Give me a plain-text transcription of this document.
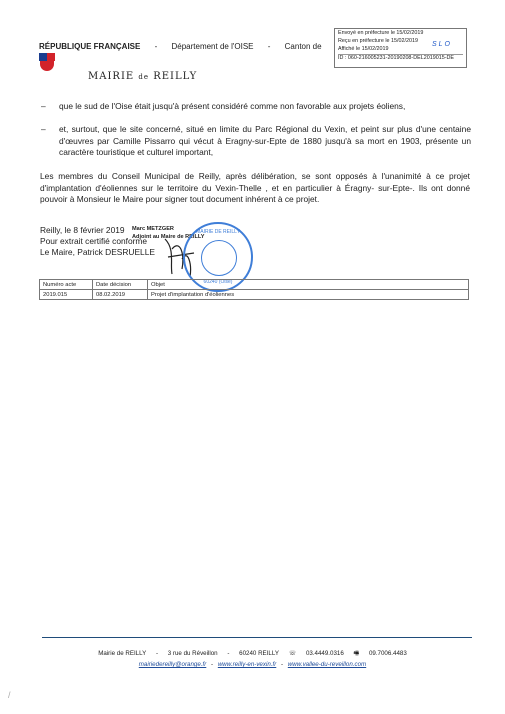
RÉPUBLIQUE FRANÇAISE - Département de l'OISE - Canton de
MAIRIE de REILLY
Envoyé en préfecture le 15/02/2019
Reçu en préfecture le 15/02/2019
Affiché le 15/02/2019
SLO
ID : 060-216005231-20190208-DEL2019015-DE
– que le sud de l'Oise était jusqu'à présent considéré comme non favorable aux projets éoliens,
– et, surtout, que le site concerné, situé en limite du Parc Régional du Vexin, et peint sur plus d'une centaine d'œuvres par Camille Pissarro qui vécut à Eragny-sur-Epte de 1880 jusqu'à sa mort en 1903, présente un caractère touristique et culturel important,
Les membres du Conseil Municipal de Reilly, après délibération, se sont opposés à l'unanimité à ce projet d'implantation d'éoliennes sur le territoire du Vexin-Thelle , et en particulier à Éragny- sur-Epte-. Ils ont donné pouvoir à Monsieur le Maire pour signer tout document inhérent à ce projet.
Reilly, le 8 février 2019
Pour extrait certifié conforme
Le Maire, Patrick DESRUELLE
Marc METZGER
Adjoint au Maire de REILLY
MAIRIE DE REILLY
60240 (Oise)
Numéro acte	Date décision	Objet
2019.015	08.02.2019	Projet d'implantation d'éoliennes
Mairie de REILLY - 3 rue du Réveillon - 60240 REILLY ☏ 03.4449.0316 🖷 09.7006.4483
mairiedereilly@orange.fr - www.reilly-en-vexin.fr - www.vallee-du-reveillon.com
/
